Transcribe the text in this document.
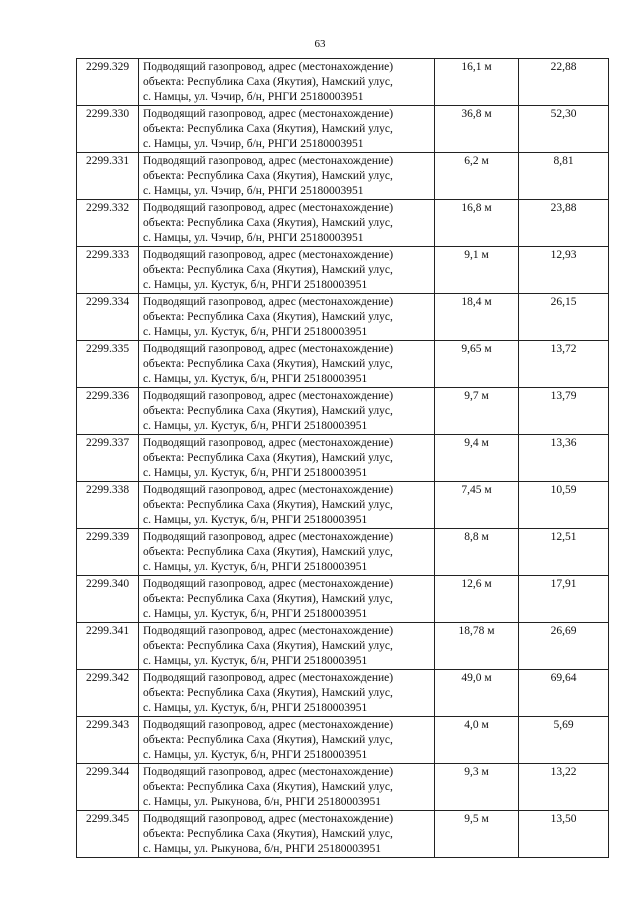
63
2299.329	Подводящий газопровод, адрес (местонахождение)
объекта: Республика Саха (Якутия), Намский улус,
с. Намцы, ул. Чэчир, б/н, РНГИ 25180003951	16,1 м	22,88
2299.330	Подводящий газопровод, адрес (местонахождение)
объекта: Республика Саха (Якутия), Намский улус,
с. Намцы, ул. Чэчир, б/н, РНГИ 25180003951	36,8 м	52,30
2299.331	Подводящий газопровод, адрес (местонахождение)
объекта: Республика Саха (Якутия), Намский улус,
с. Намцы, ул. Чэчир, б/н, РНГИ 25180003951	6,2 м	8,81
2299.332	Подводящий газопровод, адрес (местонахождение)
объекта: Республика Саха (Якутия), Намский улус,
с. Намцы, ул. Чэчир, б/н, РНГИ 25180003951	16,8 м	23,88
2299.333	Подводящий газопровод, адрес (местонахождение)
объекта: Республика Саха (Якутия), Намский улус,
с. Намцы, ул. Кустук, б/н, РНГИ 25180003951	9,1 м	12,93
2299.334	Подводящий газопровод, адрес (местонахождение)
объекта: Республика Саха (Якутия), Намский улус,
с. Намцы, ул. Кустук, б/н, РНГИ 25180003951	18,4 м	26,15
2299.335	Подводящий газопровод, адрес (местонахождение)
объекта: Республика Саха (Якутия), Намский улус,
с. Намцы, ул. Кустук, б/н, РНГИ 25180003951	9,65 м	13,72
2299.336	Подводящий газопровод, адрес (местонахождение)
объекта: Республика Саха (Якутия), Намский улус,
с. Намцы, ул. Кустук, б/н, РНГИ 25180003951	9,7 м	13,79
2299.337	Подводящий газопровод, адрес (местонахождение)
объекта: Республика Саха (Якутия), Намский улус,
с. Намцы, ул. Кустук, б/н, РНГИ 25180003951	9,4 м	13,36
2299.338	Подводящий газопровод, адрес (местонахождение)
объекта: Республика Саха (Якутия), Намский улус,
с. Намцы, ул. Кустук, б/н, РНГИ 25180003951	7,45 м	10,59
2299.339	Подводящий газопровод, адрес (местонахождение)
объекта: Республика Саха (Якутия), Намский улус,
с. Намцы, ул. Кустук, б/н, РНГИ 25180003951	8,8 м	12,51
2299.340	Подводящий газопровод, адрес (местонахождение)
объекта: Республика Саха (Якутия), Намский улус,
с. Намцы, ул. Кустук, б/н, РНГИ 25180003951	12,6 м	17,91
2299.341	Подводящий газопровод, адрес (местонахождение)
объекта: Республика Саха (Якутия), Намский улус,
с. Намцы, ул. Кустук, б/н, РНГИ 25180003951	18,78 м	26,69
2299.342	Подводящий газопровод, адрес (местонахождение)
объекта: Республика Саха (Якутия), Намский улус,
с. Намцы, ул. Кустук, б/н, РНГИ 25180003951	49,0 м	69,64
2299.343	Подводящий газопровод, адрес (местонахождение)
объекта: Республика Саха (Якутия), Намский улус,
с. Намцы, ул. Кустук, б/н, РНГИ 25180003951	4,0 м	5,69
2299.344	Подводящий газопровод, адрес (местонахождение)
объекта: Республика Саха (Якутия), Намский улус,
с. Намцы, ул. Рыкунова, б/н, РНГИ 25180003951	9,3 м	13,22
2299.345	Подводящий газопровод, адрес (местонахождение)
объекта: Республика Саха (Якутия), Намский улус,
с. Намцы, ул. Рыкунова, б/н, РНГИ 25180003951	9,5 м	13,50
